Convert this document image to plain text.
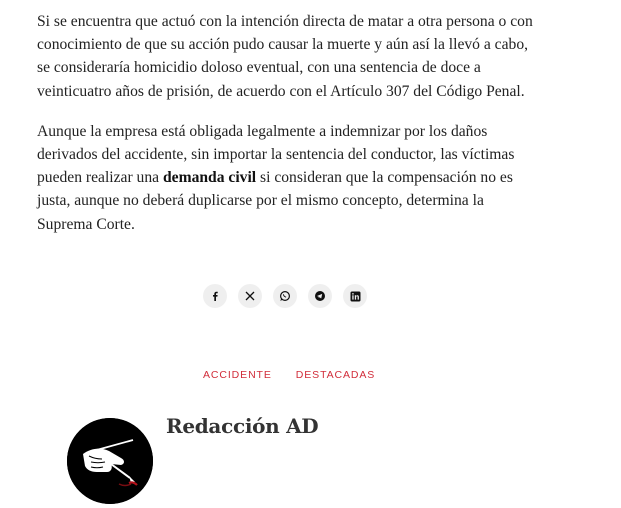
Si se encuentra que actuó con la intención directa de matar a otra persona o con conocimiento de que su acción pudo causar la muerte y aún así la llevó a cabo, se consideraría homicidio doloso eventual, con una sentencia de doce a veinticuatro años de prisión, de acuerdo con el Artículo 307 del Código Penal.

Aunque la empresa está obligada legalmente a indemnizar por los daños derivados del accidente, sin importar la sentencia del conductor, las víctimas pueden realizar una demanda civil si consideran que la compensación no es justa, aunque no deberá duplicarse por el mismo concepto, determina la Suprema Corte.

ACCIDENTE DESTACADAS
Redacción AD
